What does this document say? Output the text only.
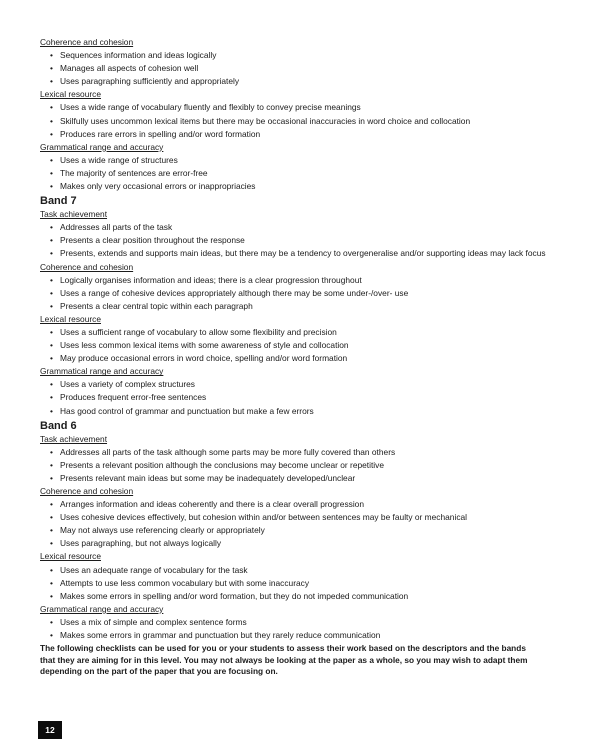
Coherence and cohesion
• Sequences information and ideas logically
• Manages all aspects of cohesion well
• Uses paragraphing sufficiently and appropriately
Lexical resource
• Uses a wide range of vocabulary fluently and flexibly to convey precise meanings
• Skilfully uses uncommon lexical items but there may be occasional inaccuracies in word choice and collocation
• Produces rare errors in spelling and/or word formation
Grammatical range and accuracy
• Uses a wide range of structures
• The majority of sentences are error-free
• Makes only very occasional errors or inappropriacies
Band 7
Task achievement
• Addresses all parts of the task
• Presents a clear position throughout the response
• Presents, extends and supports main ideas, but there may be a tendency to overgeneralise and/or supporting ideas may lack focus
Coherence and cohesion
• Logically organises information and ideas; there is a clear progression throughout
• Uses a range of cohesive devices appropriately although there may be some under-/over- use
• Presents a clear central topic within each paragraph
Lexical resource
• Uses a sufficient range of vocabulary to allow some flexibility and precision
• Uses less common lexical items with some awareness of style and collocation
• May produce occasional errors in word choice, spelling and/or word formation
Grammatical range and accuracy
• Uses a variety of complex structures
• Produces frequent error-free sentences
• Has good control of grammar and punctuation but make a few errors
Band 6
Task achievement
• Addresses all parts of the task although some parts may be more fully covered than others
• Presents a relevant position although the conclusions may become unclear or repetitive
• Presents relevant main ideas but some may be inadequately developed/unclear
Coherence and cohesion
• Arranges information and ideas coherently and there is a clear overall progression
• Uses cohesive devices effectively, but cohesion within and/or between sentences may be faulty or mechanical
• May not always use referencing clearly or appropriately
• Uses paragraphing, but not always logically
Lexical resource
• Uses an adequate range of vocabulary for the task
• Attempts to use less common vocabulary but with some inaccuracy
• Makes some errors in spelling and/or word formation, but they do not impeded communication
Grammatical range and accuracy
• Uses a mix of simple and complex sentence forms
• Makes some errors in grammar and punctuation but they rarely reduce communication
The following checklists can be used for you or your students to assess their work based on the descriptors and the bands
that they are aiming for in this level. You may not always be looking at the paper as a whole, so you may wish to adapt them
depending on the part of the paper that you are focusing on.
12
